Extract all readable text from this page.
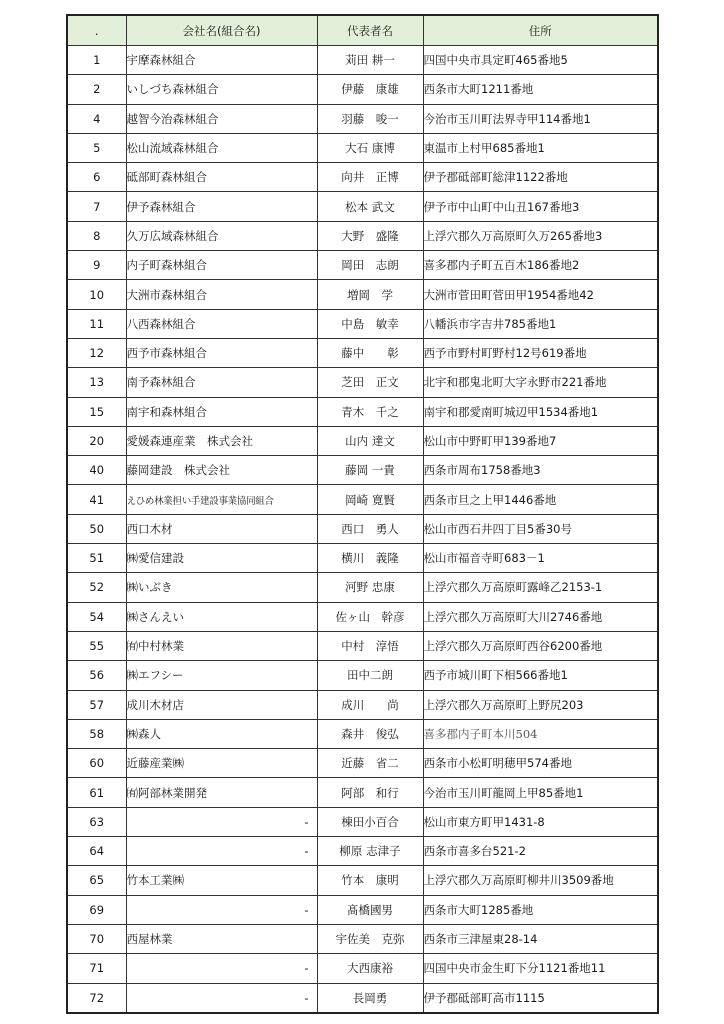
.	会社名(組合名)	代表者名	住所
1	宇摩森林組合	苅田 耕一	四国中央市具定町465番地5
2	いしづち森林組合	伊藤　康雄	西条市大町1211番地
4	越智今治森林組合	羽藤　唆一	今治市玉川町法界寺甲114番地1
5	松山流域森林組合	大石 康博	東温市上村甲685番地1
6	砥部町森林組合	向井　正博	伊予郡砥部町総津1122番地
7	伊予森林組合	松本 武文	伊予市中山町中山丑167番地3
8	久万広域森林組合	大野　盛隆	上浮穴郡久万高原町久万265番地3
9	内子町森林組合	岡田　志朗	喜多郡内子町五百木186番地2
10	大洲市森林組合	増岡　学	大洲市菅田町菅田甲1954番地42
11	八西森林組合	中島　敏幸	八幡浜市字吉井785番地1
12	西予市森林組合	藤中　　彰	西予市野村町野村12号619番地
13	南予森林組合	芝田　正文	北宇和郡鬼北町大字永野市221番地
15	南宇和森林組合	青木　千之	南宇和郡愛南町城辺甲1534番地1
20	愛媛森連産業　株式会社	山内 達文	松山市中野町甲139番地7
40	藤岡建設　株式会社	藤岡 一貴	西条市周布1758番地3
41	えひめ林業担い手建設事業協同組合	岡崎 寛賢	西条市旦之上甲1446番地
50	西口木材	西口　勇人	松山市西石井四丁目5番30号
51	㈱愛信建設	横川　義隆	松山市福音寺町683－1
52	㈱いぶき	河野 忠康	上浮穴郡久万高原町露峰乙2153-1
54	㈱さんえい	佐ヶ山　幹彦	上浮穴郡久万高原町大川2746番地
55	㈲中村林業	中村　淳悟	上浮穴郡久万高原町西谷6200番地
56	㈱エフシー	田中二朗	西予市城川町下相566番地1
57	成川木材店	成川　　尚	上浮穴郡久万高原町上野尻203
58	㈱森人	森井　俊弘	喜多郡内子町本川504
60	近藤産業㈱	近藤　省二	西条市小松町明穂甲574番地
61	㈲阿部林業開発	阿部　和行	今治市玉川町龍岡上甲85番地1
63	-	棟田小百合	松山市東方町甲1431-8
64	-	柳原 志津子	西条市喜多台521-2
65	竹本工業㈱	竹本　康明	上浮穴郡久万高原町柳井川3509番地
69	-	髙橋國男	西条市大町1285番地
70	西屋林業	宇佐美　克弥	西条市三津屋東28-14
71	-	大西康裕	四国中央市金生町下分1121番地11
72	-	長岡勇	伊予郡砥部町高市1115
